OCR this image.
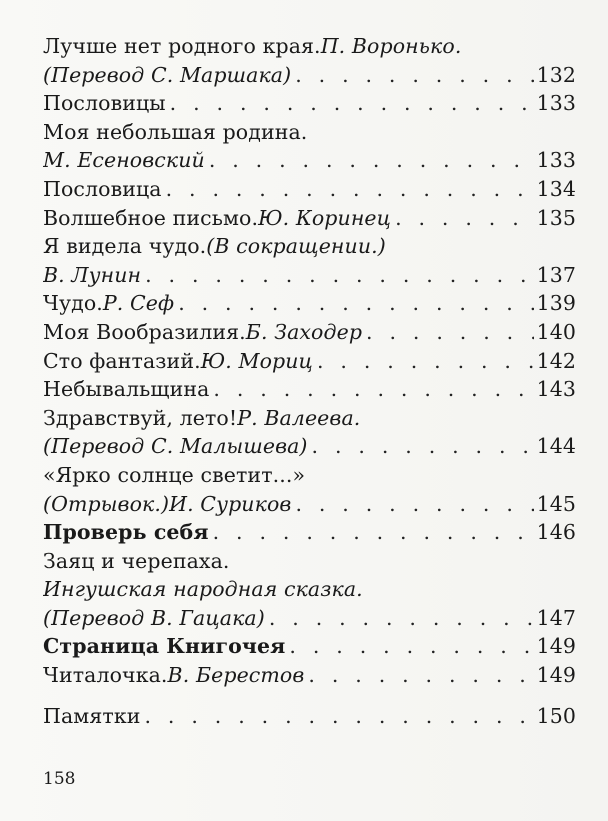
Лучше нет родного края. П. Воронько.
(Перевод С. Маршака) . . .	132
Пословицы . . .	133
Моя небольшая родина.
М. Есеновский . . .	133
Пословица . . .	134
Волшебное письмо. Ю. Коринец . . .	135
Я видела чудо. (В сокращении.)
В. Лунин . . .	137
Чудо. Р. Сеф . . .	139
Моя Вообразилия. Б. Заходер . . .	140
Сто фантазий. Ю. Мориц . . .	142
Небывальщина . . .	143
Здравствуй, лето! Р. Валеева.
(Перевод С. Малышева) . . .	144
«Ярко солнце светит...»
(Отрывок.) И. Суриков . . .	145
Проверь себя . . .	146
Заяц и черепаха.
Ингушская народная сказка.
(Перевод В. Гацака) . . .	147
Страница Книгочея . . .	149
Читалочка. В. Берестов . . .	149
Памятки . . .	150
158
